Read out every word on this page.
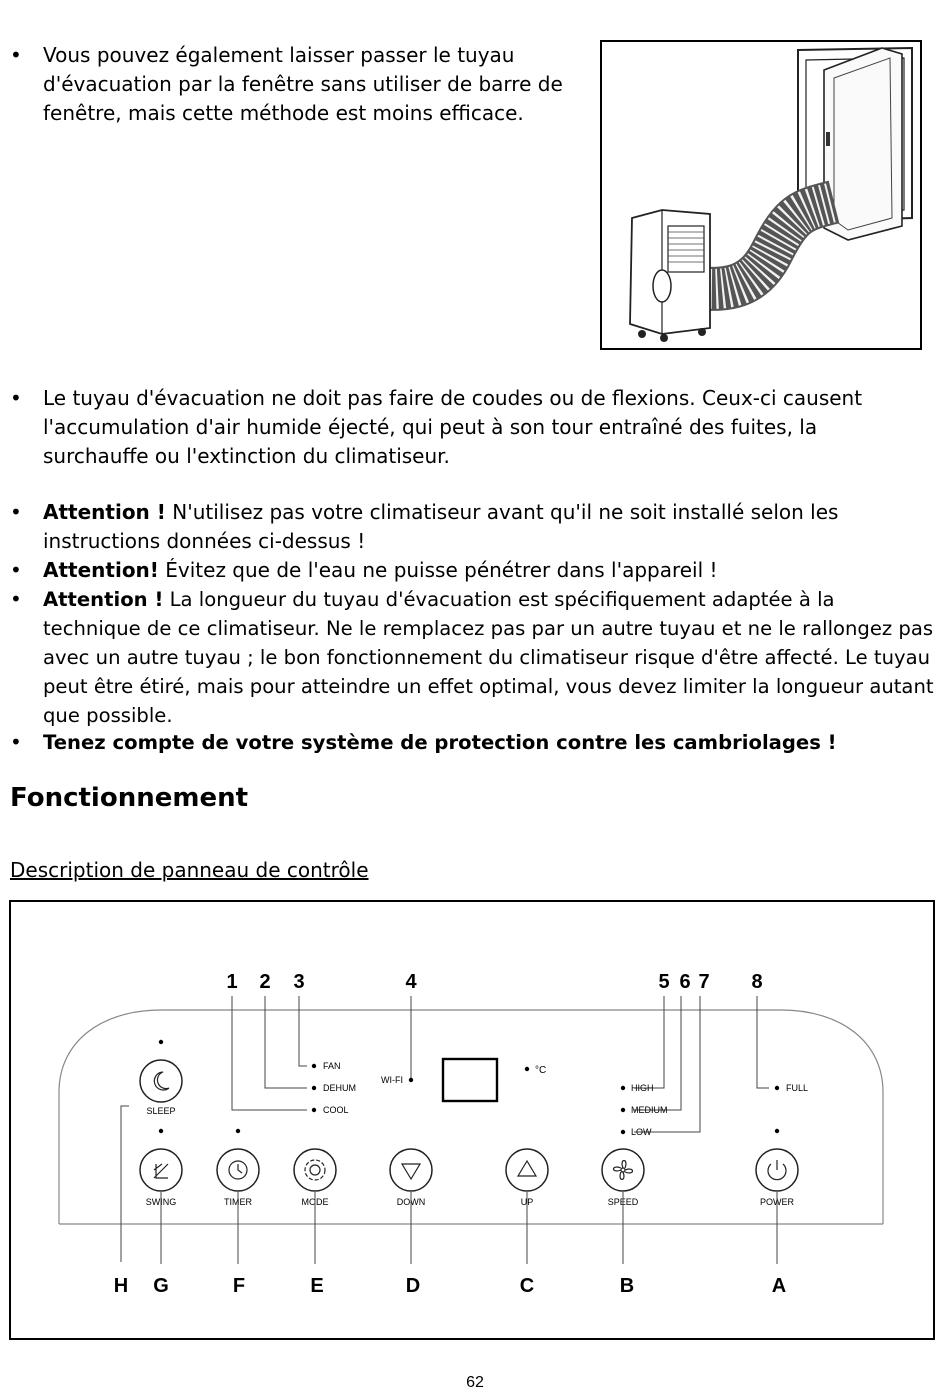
• Vous pouvez également laisser passer le tuyau d'évacuation par la fenêtre sans utiliser de barre de fenêtre, mais cette méthode est moins efficace.
• Le tuyau d'évacuation ne doit pas faire de coudes ou de flexions. Ceux-ci causent l'accumulation d'air humide éjecté, qui peut à son tour entraîné des fuites, la surchauffe ou l'extinction du climatiseur.
• Attention ! N'utilisez pas votre climatiseur avant qu'il ne soit installé selon les instructions données ci-dessus !
• Attention! Évitez que de l'eau ne puisse pénétrer dans l'appareil !
• Attention ! La longueur du tuyau d'évacuation est spécifiquement adaptée à la technique de ce climatiseur. Ne le remplacez pas par un autre tuyau et ne le rallongez pas avec un autre tuyau ; le bon fonctionnement du climatiseur risque d'être affecté. Le tuyau peut être étiré, mais pour atteindre un effet optimal, vous devez limiter la longueur autant que possible.
• Tenez compte de votre système de protection contre les cambriolages !
Fonctionnement
Description de panneau de contrôle
1 2 3	4	5 6 7 8
FAN
DEHUM
COOL
WI-FI
°C
HIGH
MEDIUM
LOW
FULL
SLEEP
SWING	TIMER	MODE	DOWN	UP	SPEED	POWER
H G	F	E	D	C	B	A
62
